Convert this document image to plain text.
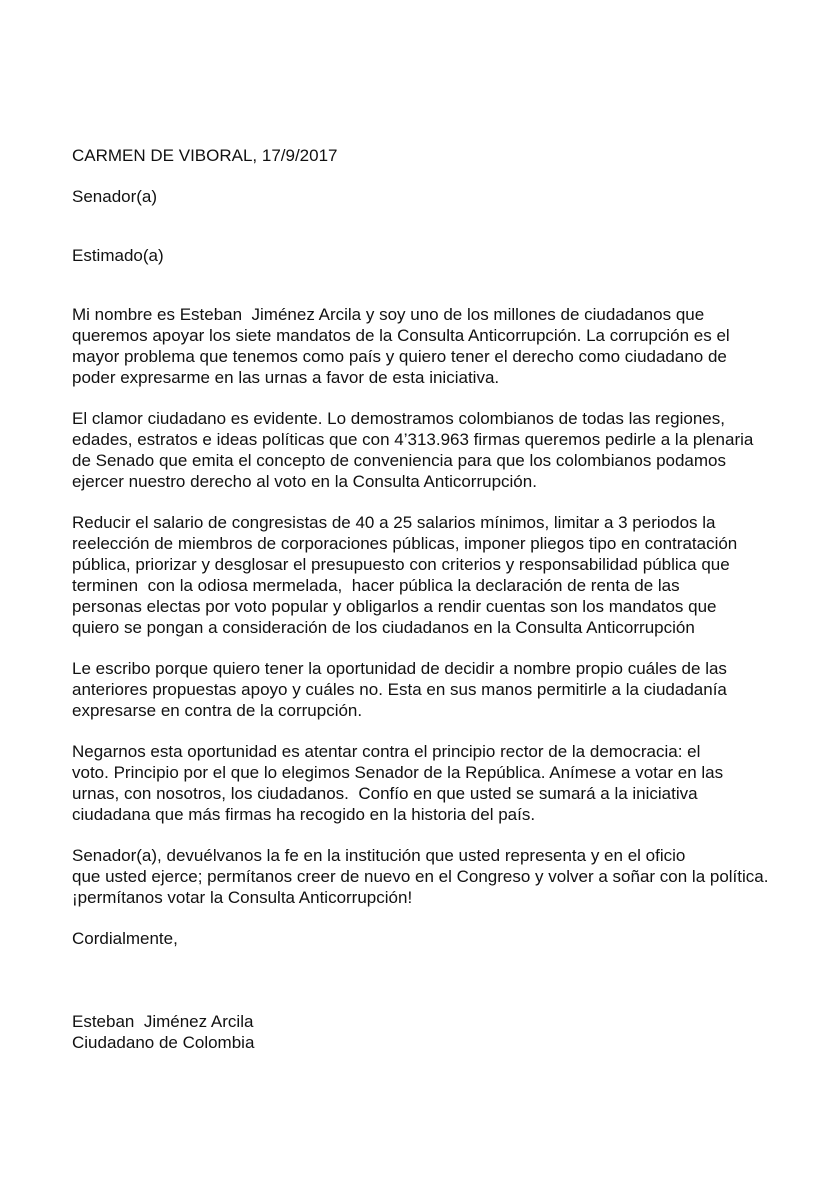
CARMEN DE VIBORAL, 17/9/2017
Senador(a)
Estimado(a)
Mi nombre es Esteban  Jiménez Arcila y soy uno de los millones de ciudadanos que
queremos apoyar los siete mandatos de la Consulta Anticorrupción. La corrupción es el
mayor problema que tenemos como país y quiero tener el derecho como ciudadano de
poder expresarme en las urnas a favor de esta iniciativa.
El clamor ciudadano es evidente. Lo demostramos colombianos de todas las regiones,
edades, estratos e ideas políticas que con 4’313.963 firmas queremos pedirle a la plenaria
de Senado que emita el concepto de conveniencia para que los colombianos podamos
ejercer nuestro derecho al voto en la Consulta Anticorrupción.
Reducir el salario de congresistas de 40 a 25 salarios mínimos, limitar a 3 periodos la
reelección de miembros de corporaciones públicas, imponer pliegos tipo en contratación
pública, priorizar y desglosar el presupuesto con criterios y responsabilidad pública que
terminen  con la odiosa mermelada,  hacer pública la declaración de renta de las
personas electas por voto popular y obligarlos a rendir cuentas son los mandatos que
quiero se pongan a consideración de los ciudadanos en la Consulta Anticorrupción
Le escribo porque quiero tener la oportunidad de decidir a nombre propio cuáles de las
anteriores propuestas apoyo y cuáles no. Esta en sus manos permitirle a la ciudadanía
expresarse en contra de la corrupción.
Negarnos esta oportunidad es atentar contra el principio rector de la democracia: el
voto. Principio por el que lo elegimos Senador de la República. Anímese a votar en las
urnas, con nosotros, los ciudadanos.  Confío en que usted se sumará a la iniciativa
ciudadana que más firmas ha recogido en la historia del país.
Senador(a), devuélvanos la fe en la institución que usted representa y en el oficio
que usted ejerce; permítanos creer de nuevo en el Congreso y volver a soñar con la política.
¡permítanos votar la Consulta Anticorrupción!
Cordialmente,
Esteban  Jiménez Arcila
Ciudadano de Colombia
